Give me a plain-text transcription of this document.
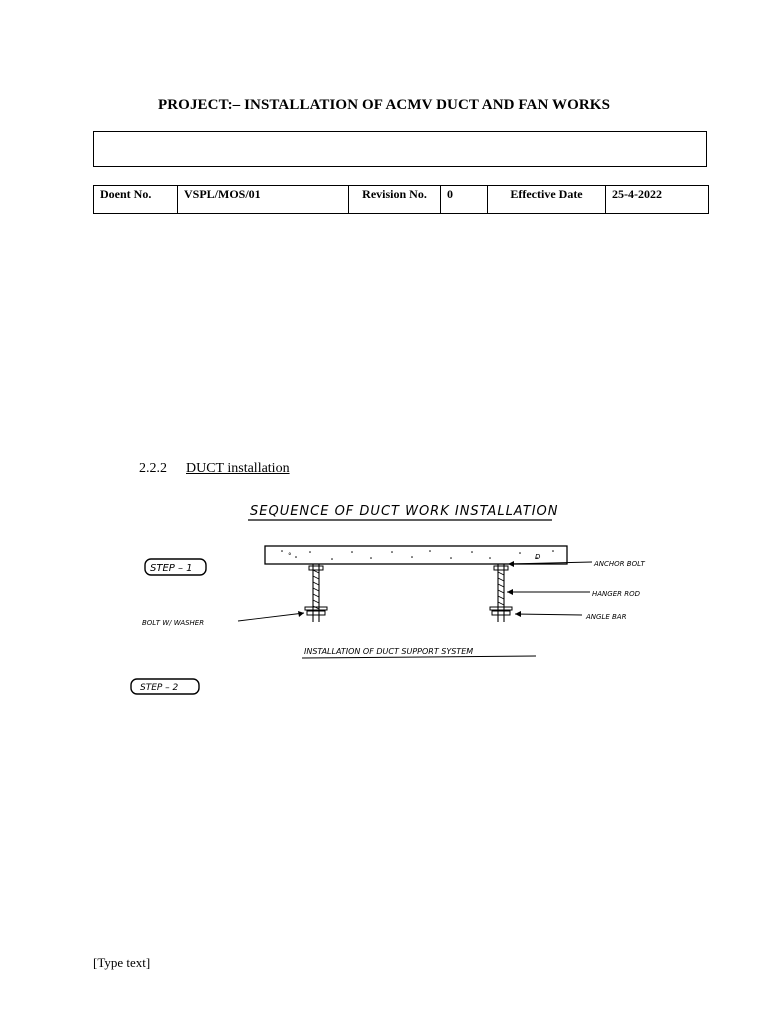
PROJECT:– INSTALLATION OF ACMV DUCT AND FAN WORKS
Doent No.	VSPL/MOS/01	Revision No.	0	Effective Date	25-4-2022
2.2.2 DUCT installation
SEQUENCE OF DUCT WORK INSTALLATION
°	D
STEP – 1	ANCHOR BOLT
HANGER ROD
ANGLE BAR
BOLT W/ WASHER
INSTALLATION OF DUCT SUPPORT SYSTEM
STEP – 2
[Type text]
